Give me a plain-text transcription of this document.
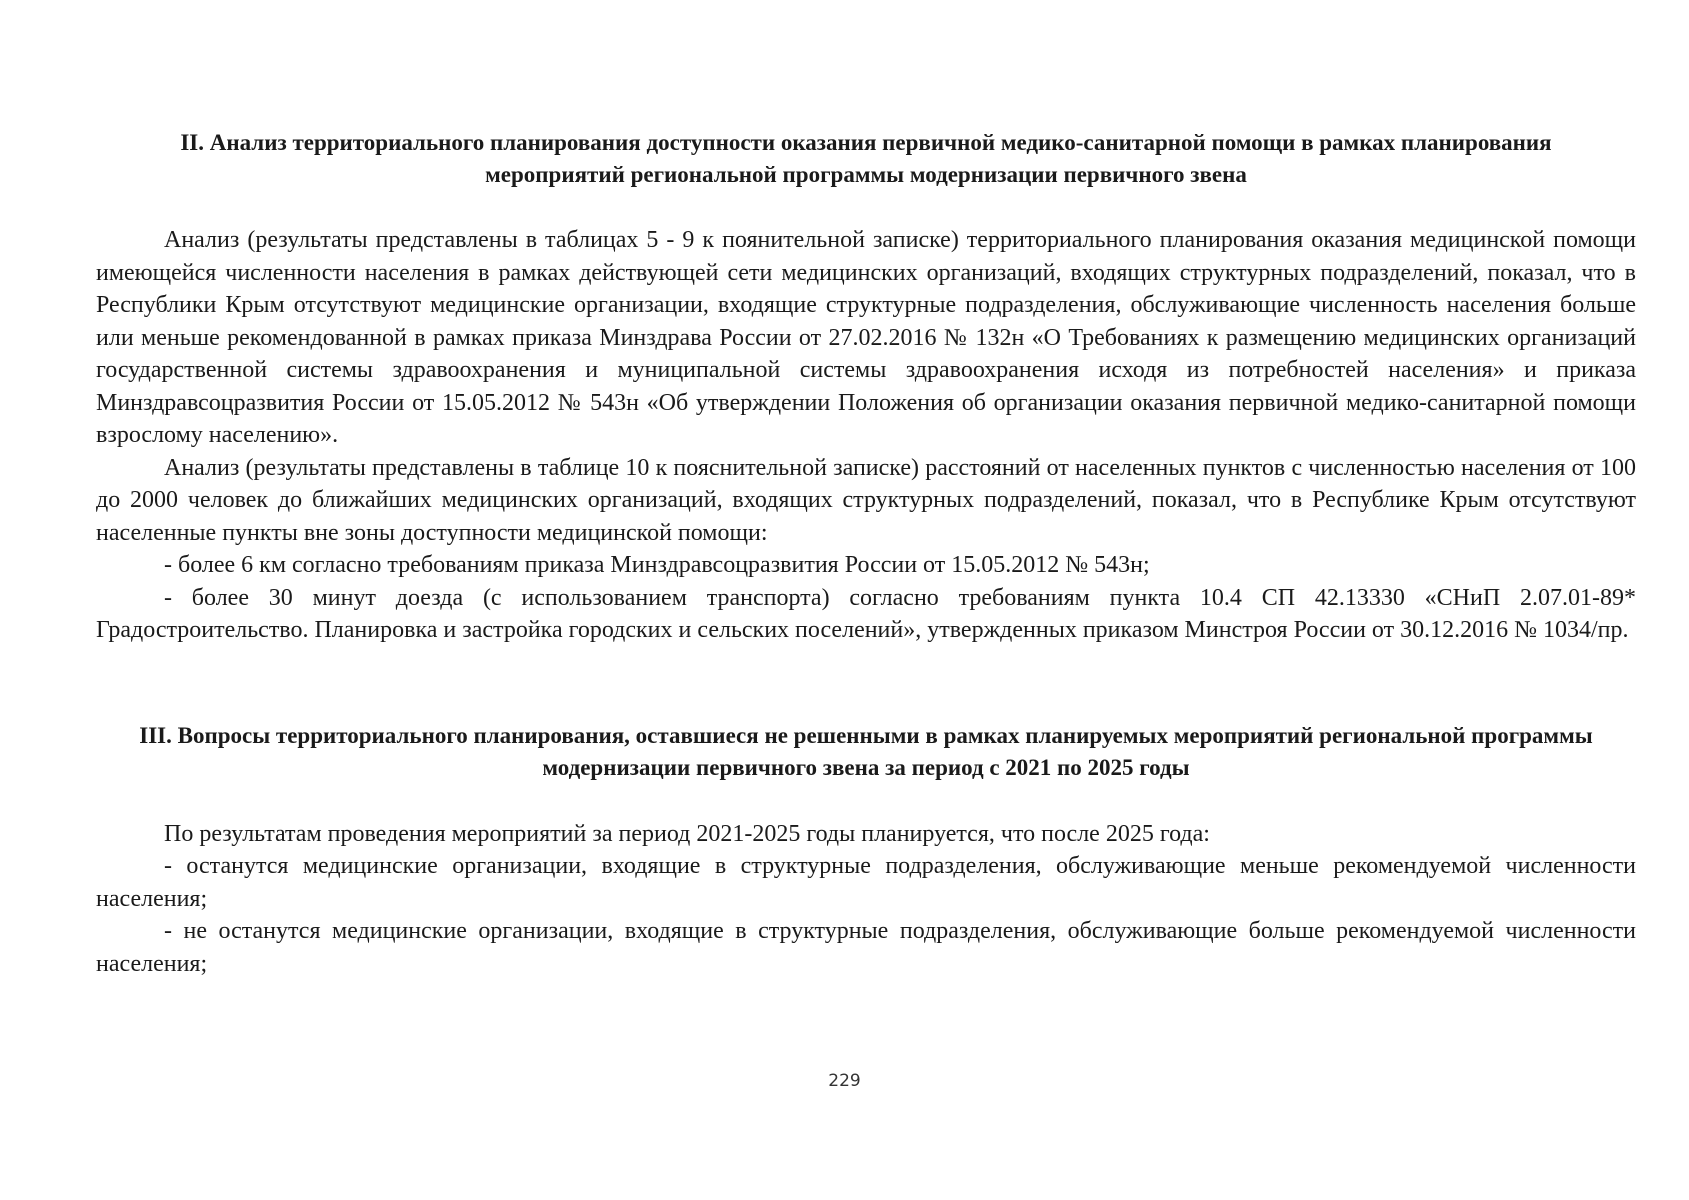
II. Анализ территориального планирования доступности оказания первичной медико-санитарной помощи в рамках планирования мероприятий региональной программы модернизации первичного звена

Анализ (результаты представлены в таблицах 5 - 9 к поянительной записке) территориального планирования оказания медицинской помощи имеющейся численности населения в рамках действующей сети медицинских организаций, входящих структурных подразделений, показал, что в Республики Крым отсутствуют медицинские организации, входящие структурные подразделения, обслуживающие численность населения больше или меньше рекомендованной в рамках приказа Минздрава России от 27.02.2016 № 132н «О Требованиях к размещению медицинских организаций государственной системы здравоохранения и муниципальной системы здравоохранения исходя из потребностей населения» и приказа Минздравсоцразвития России от 15.05.2012 № 543н «Об утверждении Положения об организации оказания первичной медико-санитарной помощи взрослому населению».

Анализ (результаты представлены в таблице 10 к пояснительной записке) расстояний от населенных пунктов с численностью населения от 100 до 2000 человек до ближайших медицинских организаций, входящих структурных подразделений, показал, что в Республике Крым отсутствуют населенные пункты вне зоны доступности медицинской помощи:

- более 6 км согласно требованиям приказа Минздравсоцразвития России от 15.05.2012 № 543н;

- более 30 минут доезда (с использованием транспорта) согласно требованиям пункта 10.4 СП 42.13330 «СНиП 2.07.01-89* Градостроительство. Планировка и застройка городских и сельских поселений», утвержденных приказом Минстроя России от 30.12.2016 № 1034/пр.

III. Вопросы территориального планирования, оставшиеся не решенными в рамках планируемых мероприятий региональной программы модернизации первичного звена за период с 2021 по 2025 годы

По результатам проведения мероприятий за период 2021-2025 годы планируется, что после 2025 года:

- останутся медицинские организации, входящие в структурные подразделения, обслуживающие меньше рекомендуемой численности населения;

- не останутся медицинские организации, входящие в структурные подразделения, обслуживающие больше рекомендуемой численности населения;

229
